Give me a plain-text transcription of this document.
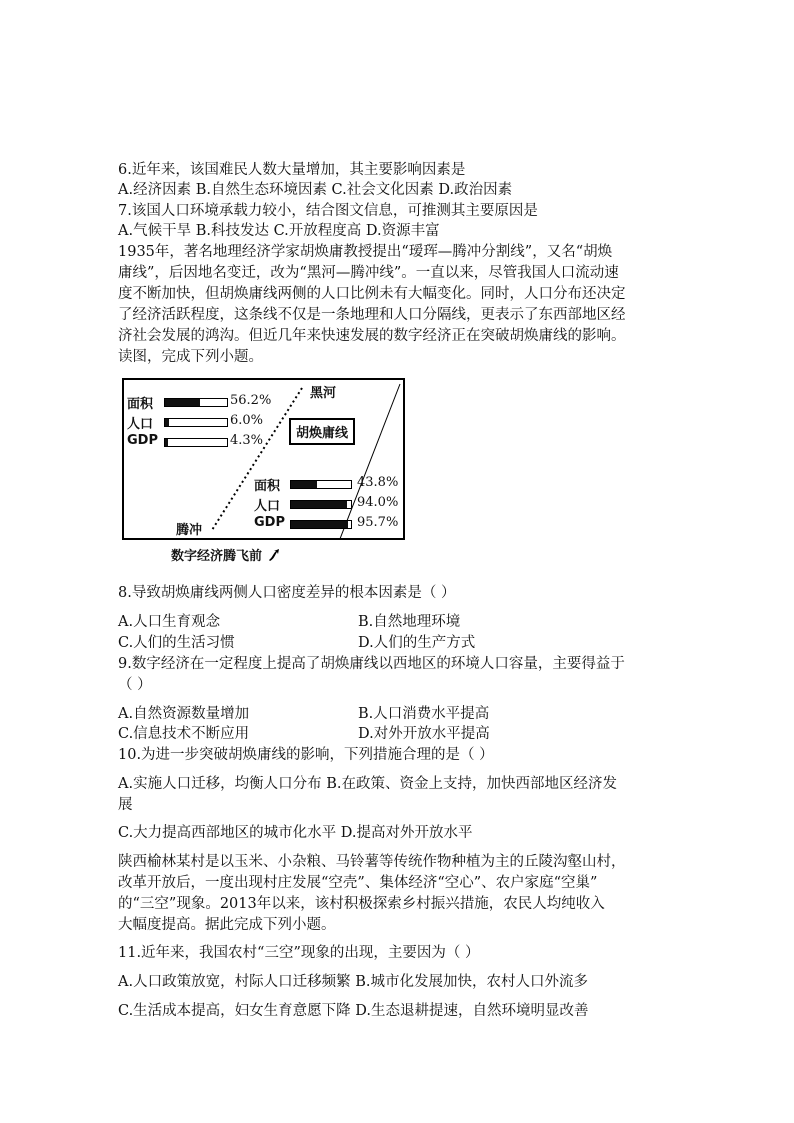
6.近年来，该国难民人数大量增加，其主要影响因素是
A.经济因素 B.自然生态环境因素 C.社会文化因素 D.政治因素
7.该国人口环境承载力较小，结合图文信息，可推测其主要原因是
A.气候干旱 B.科技发达 C.开放程度高 D.资源丰富
1935年，著名地理经济学家胡焕庸教授提出“瑷珲—腾冲分割线”，又名“胡焕
庸线”，后因地名变迁，改为“黑河—腾冲线”。一直以来，尽管我国人口流动速
度不断加快，但胡焕庸线两侧的人口比例未有大幅变化。同时，人口分布还决定
了经济活跃程度，这条线不仅是一条地理和人口分隔线，更表示了东西部地区经
济社会发展的鸿沟。但近几年来快速发展的数字经济正在突破胡焕庸线的影响。
读图，完成下列小题。
黑河
腾冲
胡焕庸线
面积	56.2%
人口	6.0%
GDP	4.3%
面积	43.8%
人口	94.0%
GDP	95.7%
数字经济腾飞前
8.导致胡焕庸线两侧人口密度差异的根本因素是（ ）
A.人口生育观念	B.自然地理环境
C.人们的生活习惯	D.人们的生产方式
9.数字经济在一定程度上提高了胡焕庸线以西地区的环境人口容量，主要得益于
（ ）
A.自然资源数量增加	B.人口消费水平提高
C.信息技术不断应用	D.对外开放水平提高
10.为进一步突破胡焕庸线的影响，下列措施合理的是（ ）
A.实施人口迁移，均衡人口分布 B.在政策、资金上支持，加快西部地区经济发
展
C.大力提高西部地区的城市化水平 D.提高对外开放水平
陕西榆林某村是以玉米、小杂粮、马铃薯等传统作物种植为主的丘陵沟壑山村，
改革开放后，一度出现村庄发展“空壳”、集体经济“空心”、农户家庭“空巢”
的“三空”现象。2013年以来，该村积极探索乡村振兴措施，农民人均纯收入
大幅度提高。据此完成下列小题。
11.近年来，我国农村“三空”现象的出现，主要因为（ ）
A.人口政策放宽，村际人口迁移频繁 B.城市化发展加快，农村人口外流多
C.生活成本提高，妇女生育意愿下降 D.生态退耕提速，自然环境明显改善
